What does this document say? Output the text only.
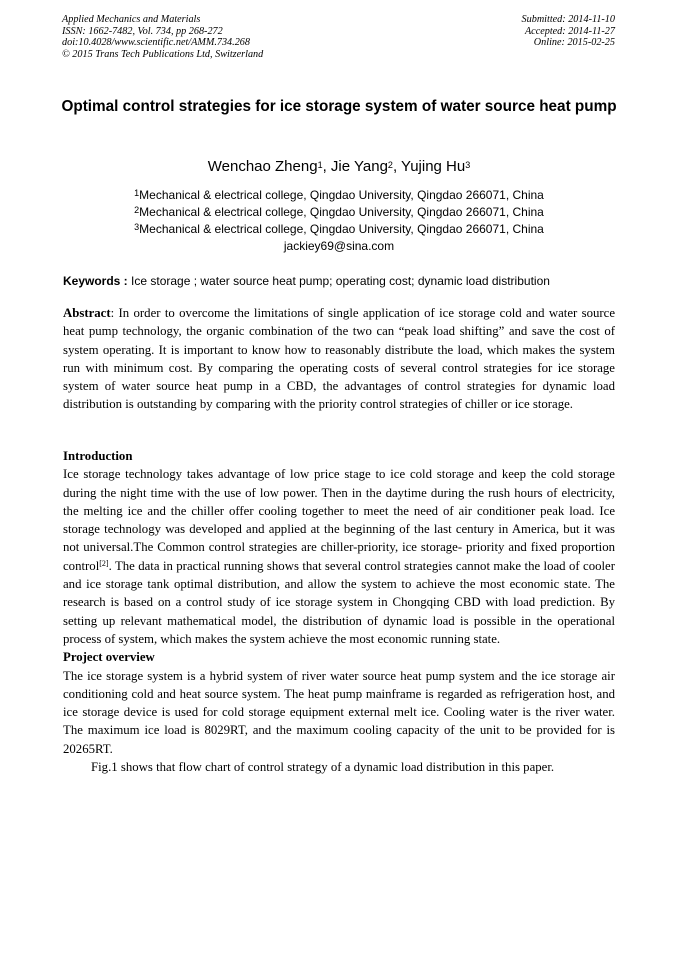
Applied Mechanics and Materials
ISSN: 1662-7482, Vol. 734, pp 268-272
doi:10.4028/www.scientific.net/AMM.734.268
© 2015 Trans Tech Publications Ltd, Switzerland
Submitted: 2014-11-10
Accepted: 2014-11-27
Online: 2015-02-25
Optimal control strategies for ice storage system of water source heat pump
Wenchao Zheng$^1$, Jie Yang$^2$, Yujing Hu$^3$
$^1$Mechanical & electrical college, Qingdao University, Qingdao 266071, China
$^2$Mechanical & electrical college, Qingdao University, Qingdao 266071, China
$^3$Mechanical & electrical college, Qingdao University, Qingdao 266071, China
jackiey69@sina.com
Keywords : Ice storage ; water source heat pump; operating cost; dynamic load distribution

Abstract: In order to overcome the limitations of single application of ice storage cold and water source heat pump technology, the organic combination of the two can “peak load shifting” and save the cost of system operating. It is important to know how to reasonably distribute the load, which makes the system run with minimum cost. By comparing the operating costs of several control strategies for ice storage system of water source heat pump in a CBD, the advantages of control strategies for dynamic load distribution is outstanding by comparing with the priority control strategies of chiller or ice storage.

Introduction

Ice storage technology takes advantage of low price stage to ice cold storage and keep the cold storage during the night time with the use of low power. Then in the daytime during the rush hours of electricity, the melting ice and the chiller offer cooling together to meet the need of air conditioner peak load. Ice storage technology was developed and applied at the beginning of the last century in America, but it was not universal.The Common control strategies are chiller-priority, ice storage- priority and fixed proportion control[2]. The data in practical running shows that several control strategies cannot make the load of cooler and ice storage tank optimal distribution, and allow the system to achieve the most economic state. The research is based on a control study of ice storage system in Chongqing CBD with load prediction. By setting up relevant mathematical model, the distribution of dynamic load is possible in the operational process of system, which makes the system achieve the most economic running state.

Project overview

The ice storage system is a hybrid system of river water source heat pump system and the ice storage air conditioning cold and heat source system. The heat pump mainframe is regarded as refrigeration host, and ice storage device is used for cold storage equipment external melt ice. Cooling water is the river water. The maximum ice load is 8029RT, and the maximum cooling capacity of the unit to be provided for is 20265RT.

Fig.1 shows that flow chart of control strategy of a dynamic load distribution in this paper.
